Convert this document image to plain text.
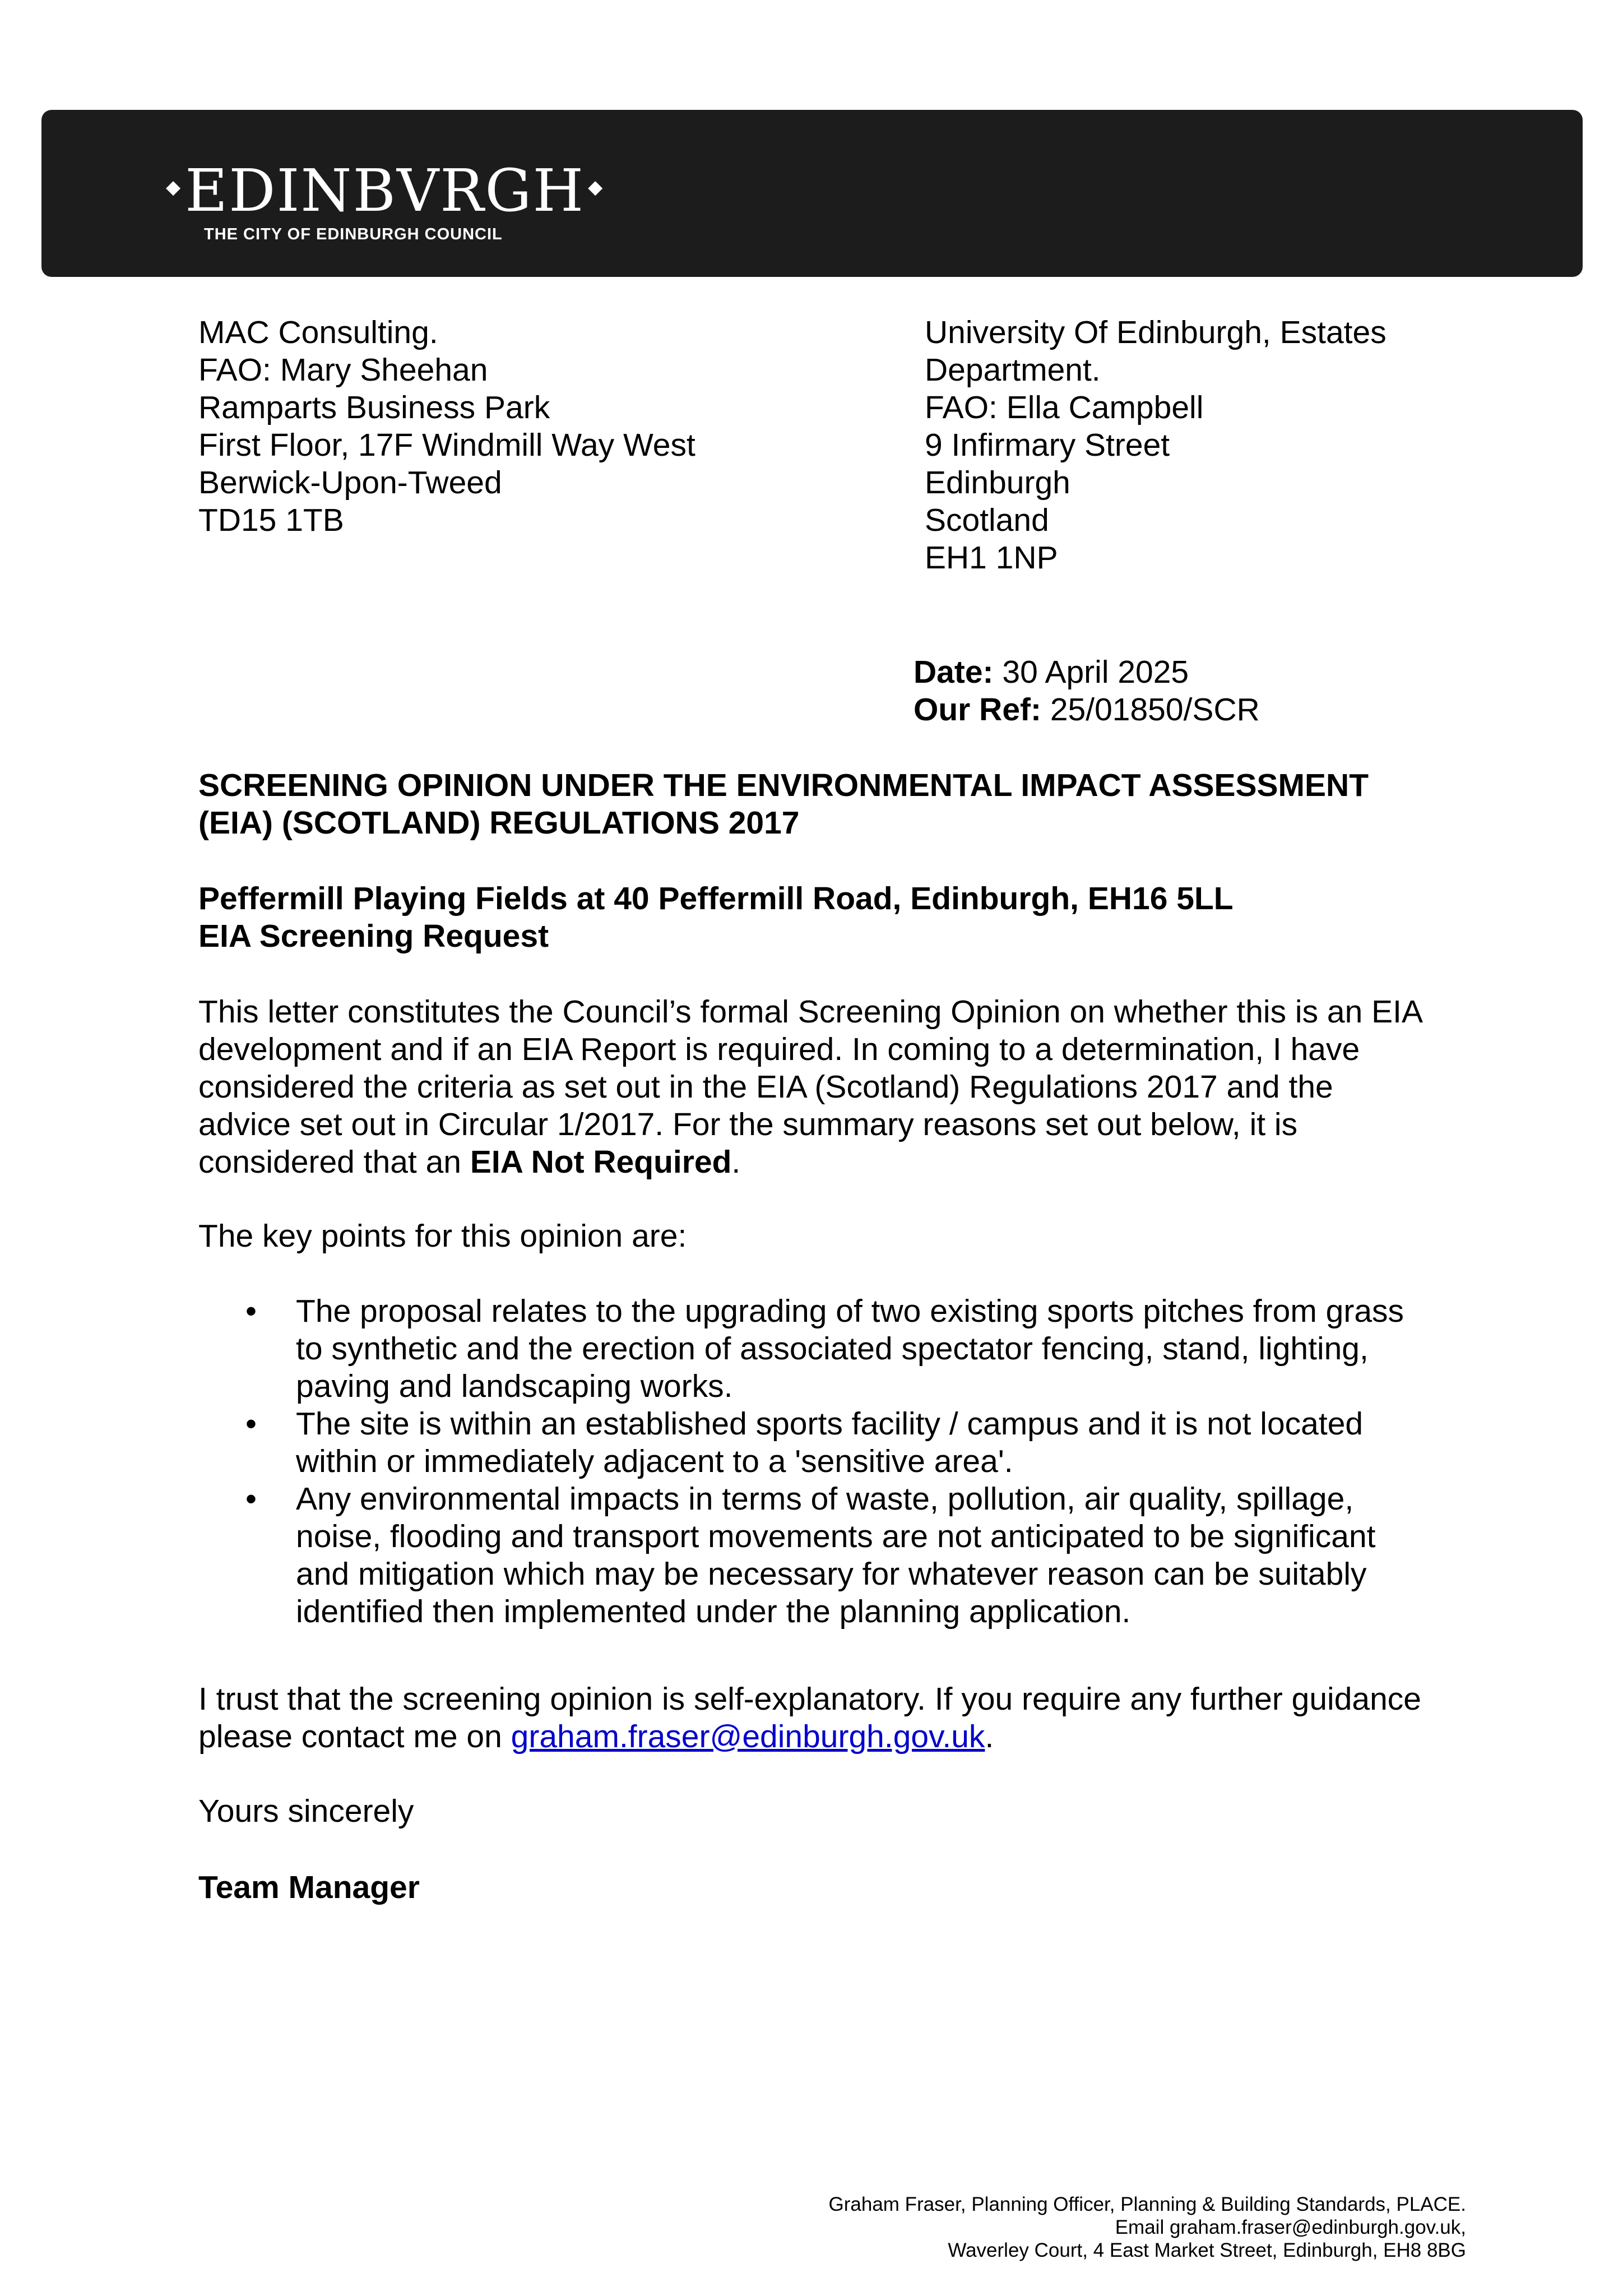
◆ EDINBVRGH ◆
THE CITY OF EDINBURGH COUNCIL
MAC Consulting.
FAO: Mary Sheehan
Ramparts Business Park
First Floor, 17F Windmill Way West
Berwick-Upon-Tweed
TD15 1TB
University Of Edinburgh, Estates
Department.
FAO: Ella Campbell
9 Infirmary Street
Edinburgh
Scotland
EH1 1NP
Date: 30 April 2025
Our Ref: 25/01850/SCR
SCREENING OPINION UNDER THE ENVIRONMENTAL IMPACT ASSESSMENT
(EIA) (SCOTLAND) REGULATIONS 2017
Peffermill Playing Fields at 40 Peffermill Road, Edinburgh, EH16 5LL
EIA Screening Request
This letter constitutes the Council’s formal Screening Opinion on whether this is an EIA
development and if an EIA Report is required. In coming to a determination, I have
considered the criteria as set out in the EIA (Scotland) Regulations 2017 and the
advice set out in Circular 1/2017. For the summary reasons set out below, it is
considered that an EIA Not Required.
The key points for this opinion are:
• The proposal relates to the upgrading of two existing sports pitches from grass
to synthetic and the erection of associated spectator fencing, stand, lighting,
paving and landscaping works.
• The site is within an established sports facility / campus and it is not located
within or immediately adjacent to a 'sensitive area'.
• Any environmental impacts in terms of waste, pollution, air quality, spillage,
noise, flooding and transport movements are not anticipated to be significant
and mitigation which may be necessary for whatever reason can be suitably
identified then implemented under the planning application.
I trust that the screening opinion is self-explanatory. If you require any further guidance
please contact me on graham.fraser@edinburgh.gov.uk.
Yours sincerely
Team Manager
Graham Fraser, Planning Officer, Planning & Building Standards, PLACE.
Email graham.fraser@edinburgh.gov.uk,
Waverley Court, 4 East Market Street, Edinburgh, EH8 8BG
